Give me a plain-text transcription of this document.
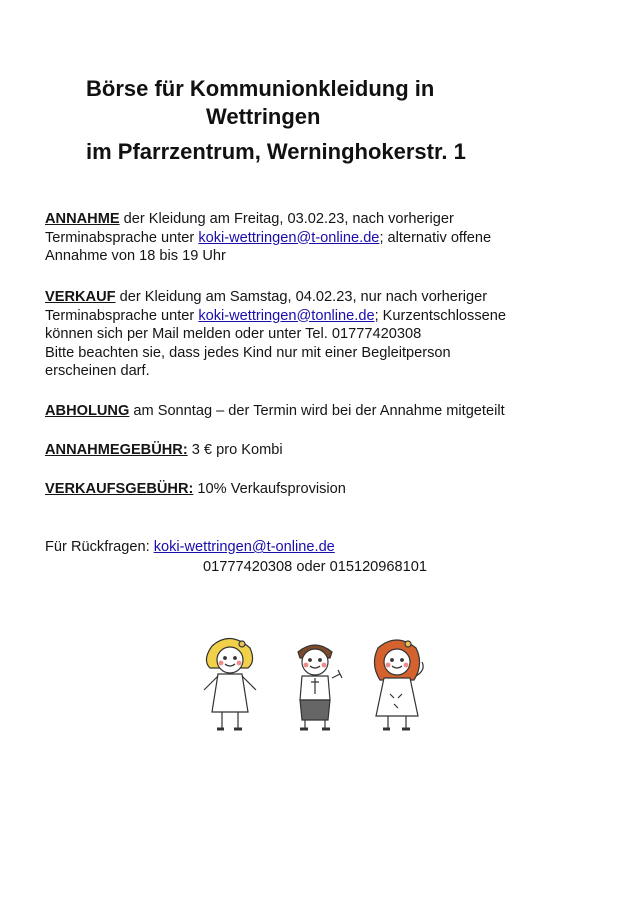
Börse für Kommunionkleidung in
Wettringen
im Pfarrzentrum, Werninghokerstr. 1
ANNAHME der Kleidung am Freitag, 03.02.23, nach vorheriger
Terminabsprache unter koki-wettringen@t-online.de; alternativ offene
Annahme von 18 bis 19 Uhr
VERKAUF der Kleidung am Samstag, 04.02.23, nur nach vorheriger
Terminabsprache unter koki-wettringen@tonline.de; Kurzentschlossene
können sich per Mail melden oder unter Tel. 01777420308
Bitte beachten sie, dass jedes Kind nur mit einer Begleitperson
erscheinen darf.
ABHOLUNG am Sonntag – der Termin wird bei der Annahme mitgeteilt
ANNAHMEGEBÜHR: 3 € pro Kombi
VERKAUFSGEBÜHR: 10% Verkaufsprovision
Für Rückfragen: koki-wettringen@t-online.de
01777420308 oder 015120968101
